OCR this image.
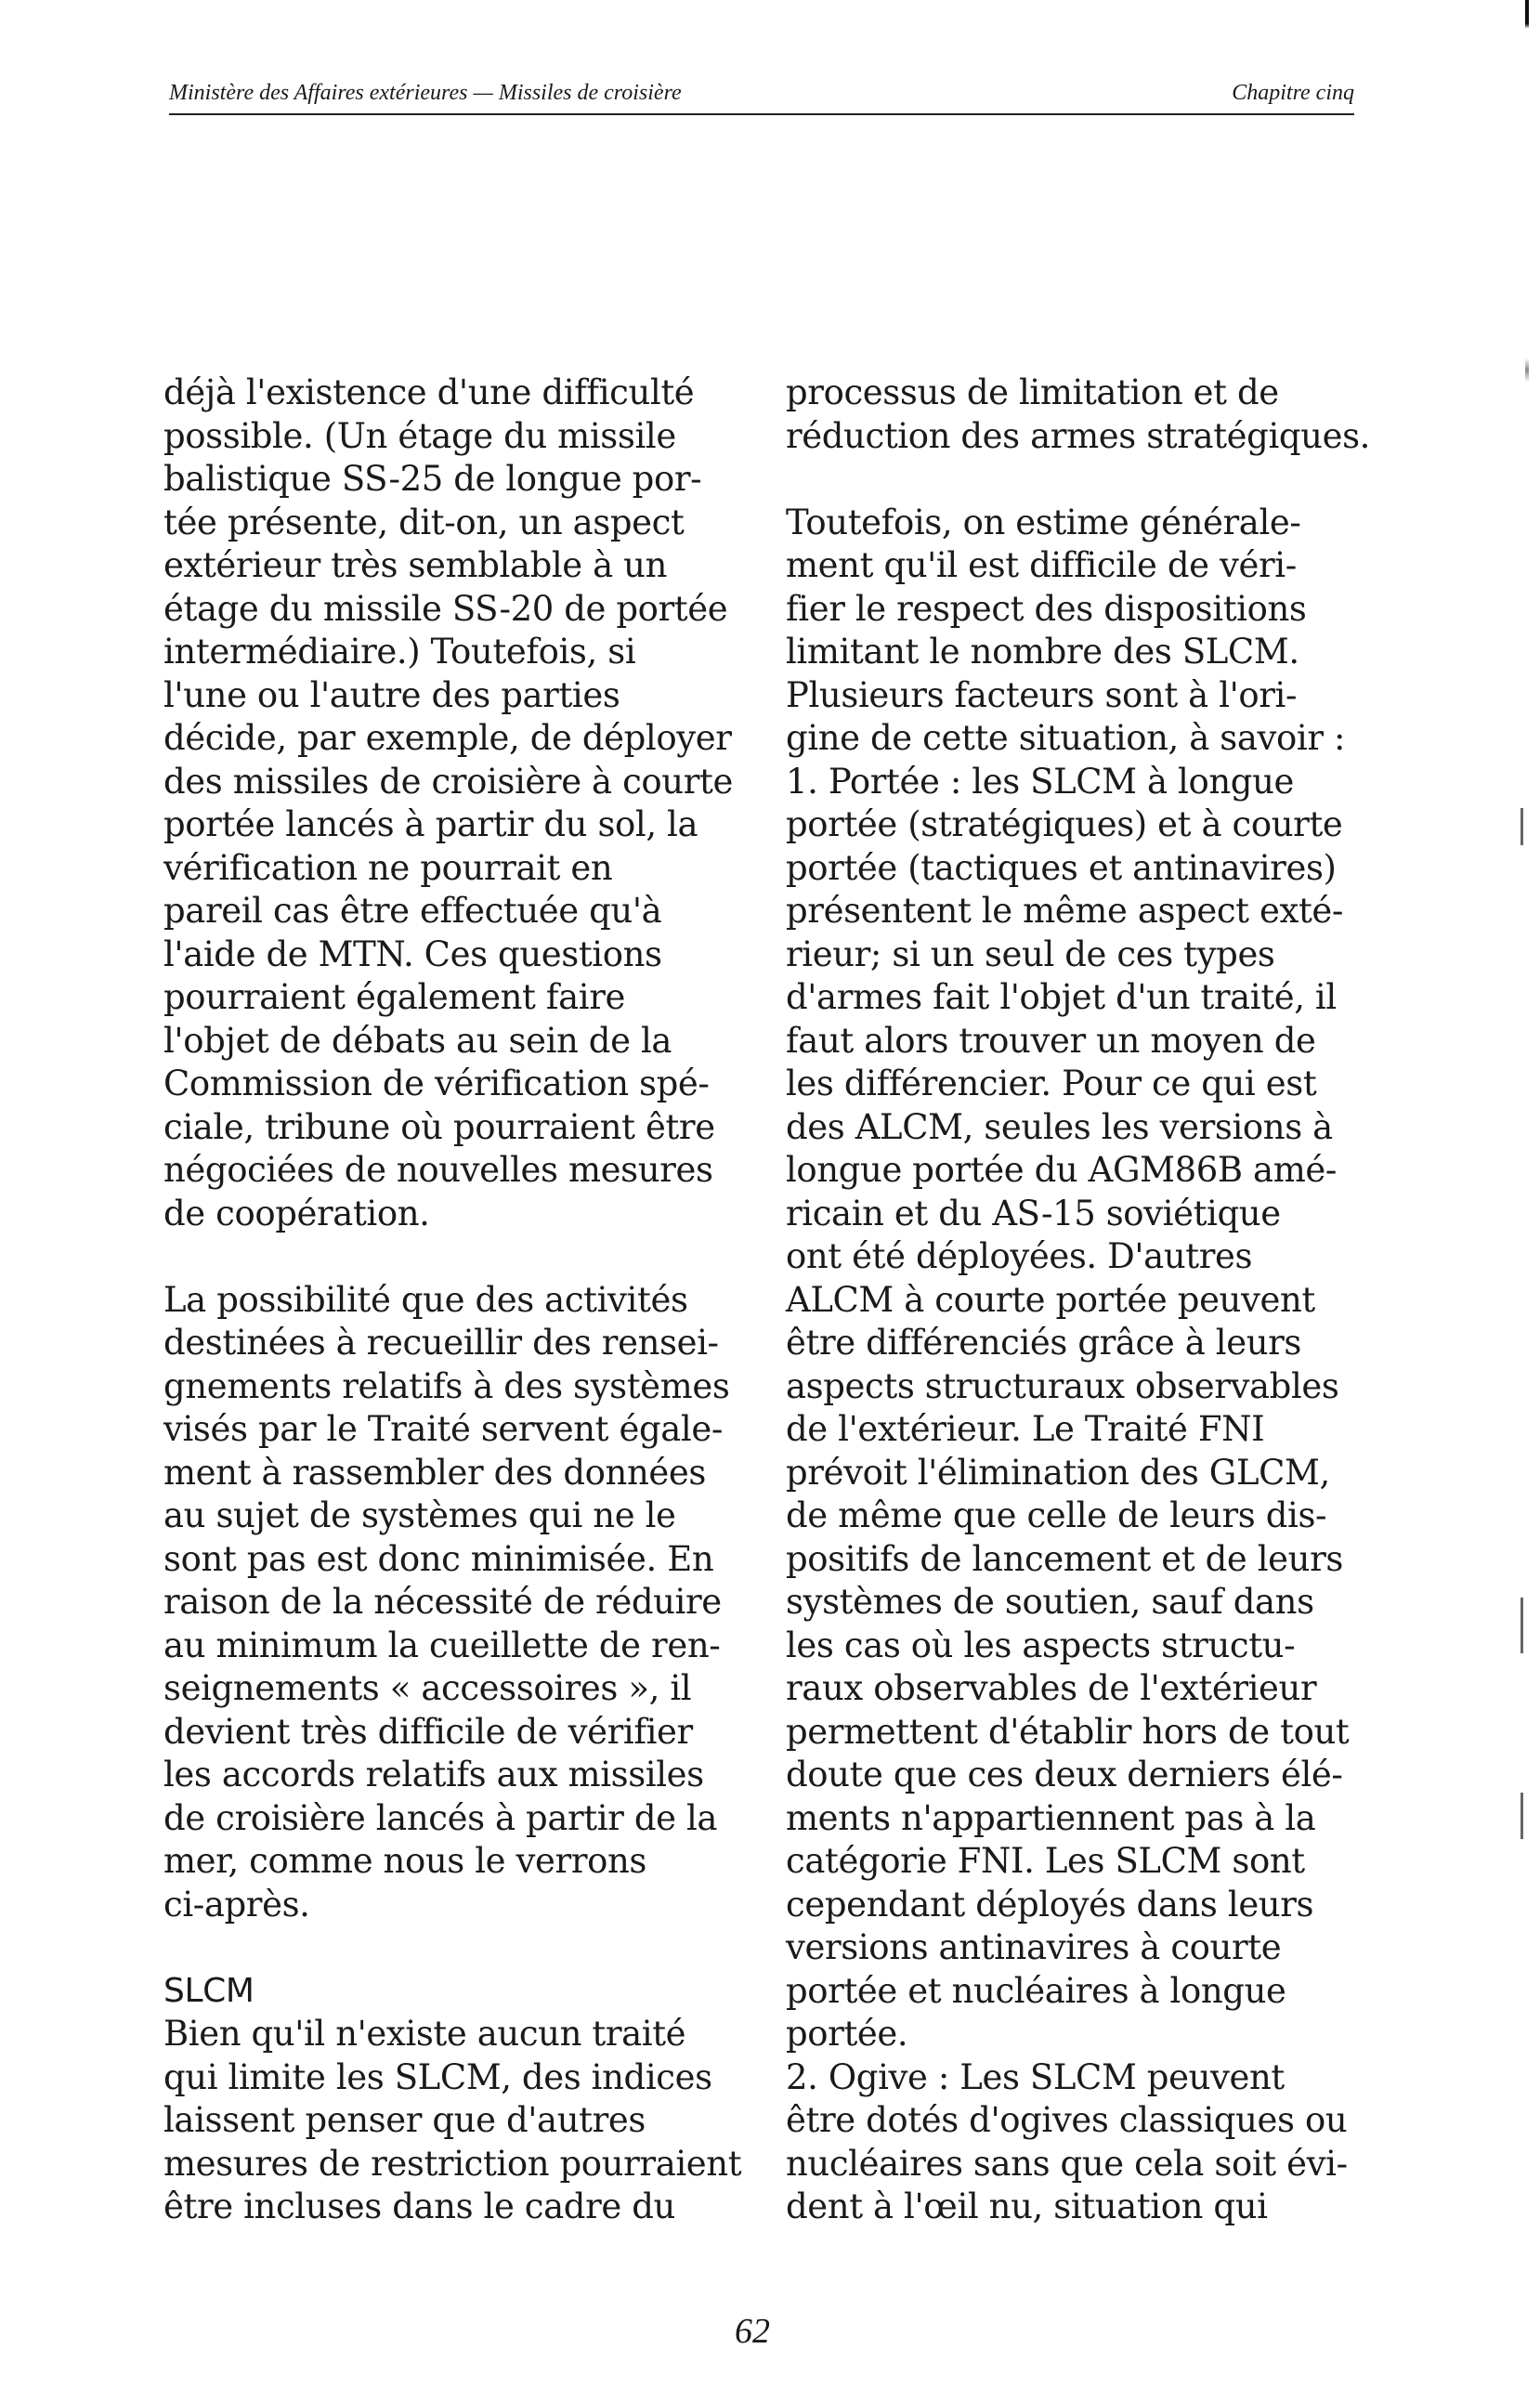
Ministère des Affaires extérieures — Missiles de croisière	Chapitre cinq
déjà l'existence d'une difficulté
possible. (Un étage du missile
balistique SS-25 de longue por-
tée présente, dit-on, un aspect
extérieur très semblable à un
étage du missile SS-20 de portée
intermédiaire.) Toutefois, si
l'une ou l'autre des parties
décide, par exemple, de déployer
des missiles de croisière à courte
portée lancés à partir du sol, la
vérification ne pourrait en
pareil cas être effectuée qu'à
l'aide de MTN. Ces questions
pourraient également faire
l'objet de débats au sein de la
Commission de vérification spé-
ciale, tribune où pourraient être
négociées de nouvelles mesures
de coopération.
La possibilité que des activités
destinées à recueillir des rensei-
gnements relatifs à des systèmes
visés par le Traité servent égale-
ment à rassembler des données
au sujet de systèmes qui ne le
sont pas est donc minimisée. En
raison de la nécessité de réduire
au minimum la cueillette de ren-
seignements « accessoires », il
devient très difficile de vérifier
les accords relatifs aux missiles
de croisière lancés à partir de la
mer, comme nous le verrons
ci-après.
SLCM
Bien qu'il n'existe aucun traité
qui limite les SLCM, des indices
laissent penser que d'autres
mesures de restriction pourraient
être incluses dans le cadre du
processus de limitation et de
réduction des armes stratégiques.
Toutefois, on estime générale-
ment qu'il est difficile de véri-
fier le respect des dispositions
limitant le nombre des SLCM.
Plusieurs facteurs sont à l'ori-
gine de cette situation, à savoir :
1. Portée : les SLCM à longue
portée (stratégiques) et à courte
portée (tactiques et antinavires)
présentent le même aspect exté-
rieur; si un seul de ces types
d'armes fait l'objet d'un traité, il
faut alors trouver un moyen de
les différencier. Pour ce qui est
des ALCM, seules les versions à
longue portée du AGM86B amé-
ricain et du AS-15 soviétique
ont été déployées. D'autres
ALCM à courte portée peuvent
être différenciés grâce à leurs
aspects structuraux observables
de l'extérieur. Le Traité FNI
prévoit l'élimination des GLCM,
de même que celle de leurs dis-
positifs de lancement et de leurs
systèmes de soutien, sauf dans
les cas où les aspects structu-
raux observables de l'extérieur
permettent d'établir hors de tout
doute que ces deux derniers élé-
ments n'appartiennent pas à la
catégorie FNI. Les SLCM sont
cependant déployés dans leurs
versions antinavires à courte
portée et nucléaires à longue
portée.
2. Ogive : Les SLCM peuvent
être dotés d'ogives classiques ou
nucléaires sans que cela soit évi-
dent à l'œil nu, situation qui
62
